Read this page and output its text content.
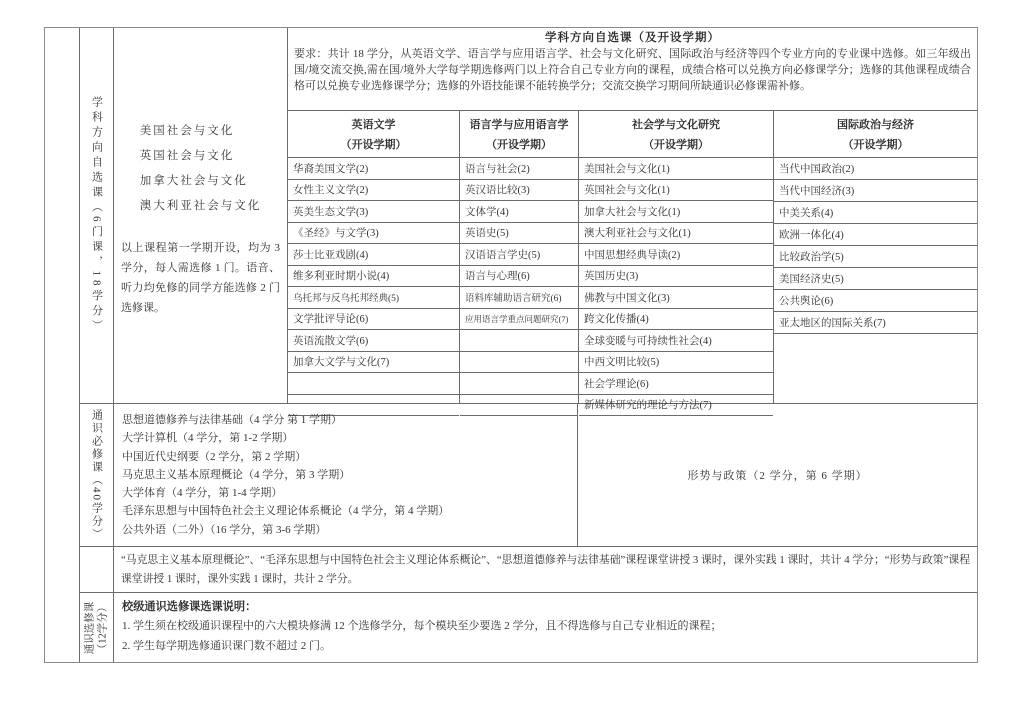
学科方向自选课（6门课，18学分）
通识必修课（40学分）
通识选修课 （12学分）
美国社会与文化
英国社会与文化
加拿大社会与文化
澳大利亚社会与文化
以上课程第一学期开设，均为 3 学分，每人需选修 1 门。语音、听力均免修的同学方能选修 2 门选修课。
学科方向自选课（及开设学期）
要求：共计 18 学分，从英语文学、语言学与应用语言学、社会与文化研究、国际政治与经济等四个专业方向的专业课中选修。如三年级出国/境交流交换,需在国/境外大学每学期选修两门以上符合自己专业方向的课程，成绩合格可以兑换方向必修课学分；选修的其他课程成绩合格可以兑换专业选修课学分；选修的外语技能课不能转换学分；交流交换学习期间所缺通识必修课需补修。
英语文学
（开设学期）
华裔美国文学(2)
女性主义文学(2)
英美生态文学(3)
《圣经》与文学(3)
莎士比亚戏剧(4)
维多利亚时期小说(4)
乌托邦与反乌托邦经典(5)
文学批评导论(6)
英语流散文学(6)
加拿大文学与文化(7)

语言学与应用语言学
（开设学期）
语言与社会(2)
英汉语比较(3)
文体学(4)
英语史(5)
汉语语言学史(5)
语言与心理(6)
语料库辅助语言研究(6)
应用语言学重点问题研究(7)

社会学与文化研究
（开设学期）
美国社会与文化(1)
英国社会与文化(1)
加拿大社会与文化(1)
澳大利亚社会与文化(1)
中国思想经典导读(2)
英国历史(3)
佛教与中国文化(3)
跨文化传播(4)
全球变暖与可持续性社会(4)
中西文明比较(5)
社会学理论(6)
新媒体研究的理论与方法(7)
国际政治与经济
（开设学期）
当代中国政治(2)
当代中国经济(3)
中美关系(4)
欧洲一体化(4)
比较政治学(5)
美国经济史(5)
公共舆论(6)
亚太地区的国际关系(7)
思想道德修养与法律基础（4 学分 第 1 学期）
大学计算机（4 学分，第 1-2 学期）
中国近代史纲要（2 学分，第 2 学期）
马克思主义基本原理概论（4 学分，第 3 学期）
大学体育（4 学分，第 1-4 学期）
毛泽东思想与中国特色社会主义理论体系概论（4 学分，第 4 学期）
公共外语（二外）（16 学分，第 3-6 学期）
形势与政策（2 学分，第 6 学期）
“马克思主义基本原理概论”、“毛泽东思想与中国特色社会主义理论体系概论”、“思想道德修养与法律基础”课程课堂讲授 3 课时，课外实践 1 课时，共计 4 学分；“形势与政策”课程课堂讲授 1 课时，课外实践 1 课时，共计 2 学分。
校级通识选修课选课说明：
1. 学生须在校级通识课程中的六大模块修满 12 个选修学分，每个模块至少要选 2 学分，且不得选修与自己专业相近的课程；
2. 学生每学期选修通识课门数不超过 2 门。
